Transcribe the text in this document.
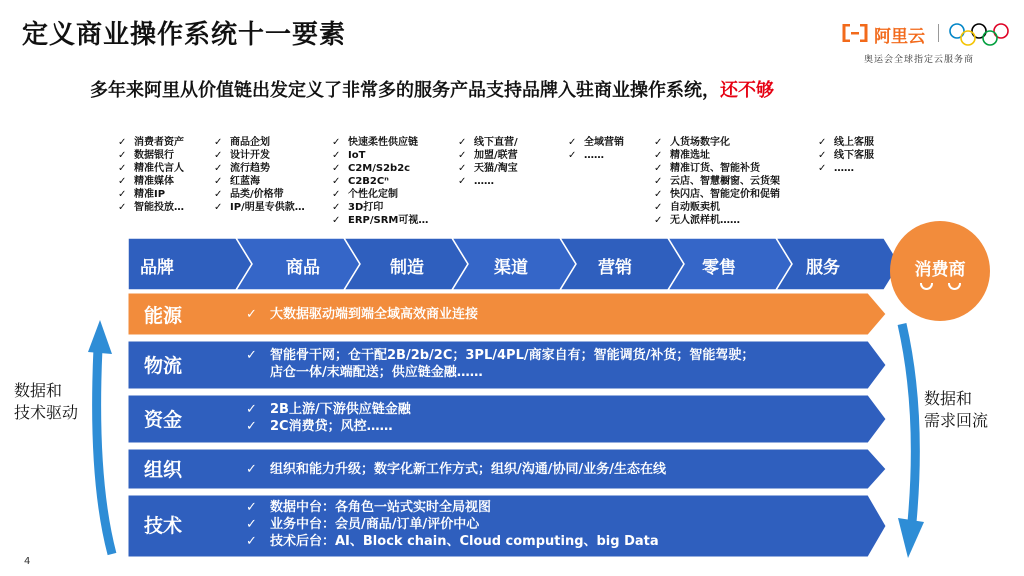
定义商业操作系统十一要素	阿里云
奥运会全球指定云服务商
多年来阿里从价值链出发定义了非常多的服务产品支持品牌入驻商业操作系统，还不够
✓ 消费者资产
✓ 数据银行
✓ 精准代言人
✓ 精准媒体
✓ 精准IP
✓ 智能投放…
✓ 商品企划
✓ 设计开发
✓ 流行趋势
✓ 红蓝海
✓ 品类/价格带
✓ IP/明星专供款…
✓ 快速柔性供应链
✓ IoT
✓ C2M/S2b2c
✓ C2B2Cⁿ
✓ 个性化定制
✓ 3D打印
✓ ERP/SRM可视…
✓ 线下直营/
✓ 加盟/联营
✓ 天猫/淘宝
✓ ……
✓ 全域营销
✓ ……
✓ 人货场数字化
✓ 精准选址
✓ 精准订货、智能补货
✓ 云店、智慧橱窗、云货架
✓ 快闪店、智能定价和促销
✓ 自动贩卖机
✓ 无人派样机……
✓ 线上客服
✓ 线下客服
✓ ……
品牌	商品	制造	渠道	营销	零售	服务	消费商
能源	✓ 大数据驱动端到端全域高效商业连接
物流	✓ 智能骨干网；仓干配2B/2b/2C；3PL/4PL/商家自有；智能调货/补货；智能驾驶；
店仓一体/末端配送；供应链金融……
资金	✓ 2B上游/下游供应链金融
✓ 2C消费贷；风控……
组织	✓ 组织和能力升级；数字化新工作方式；组织/沟通/协同/业务/生态在线
技术
✓ 数据中台：各角色一站式实时全局视图
✓ 业务中台：会员/商品/订单/评价中心
✓ 技术后台：AI、Block chain、Cloud computing、big Data
数据和
技术驱动
数据和
需求回流
4
